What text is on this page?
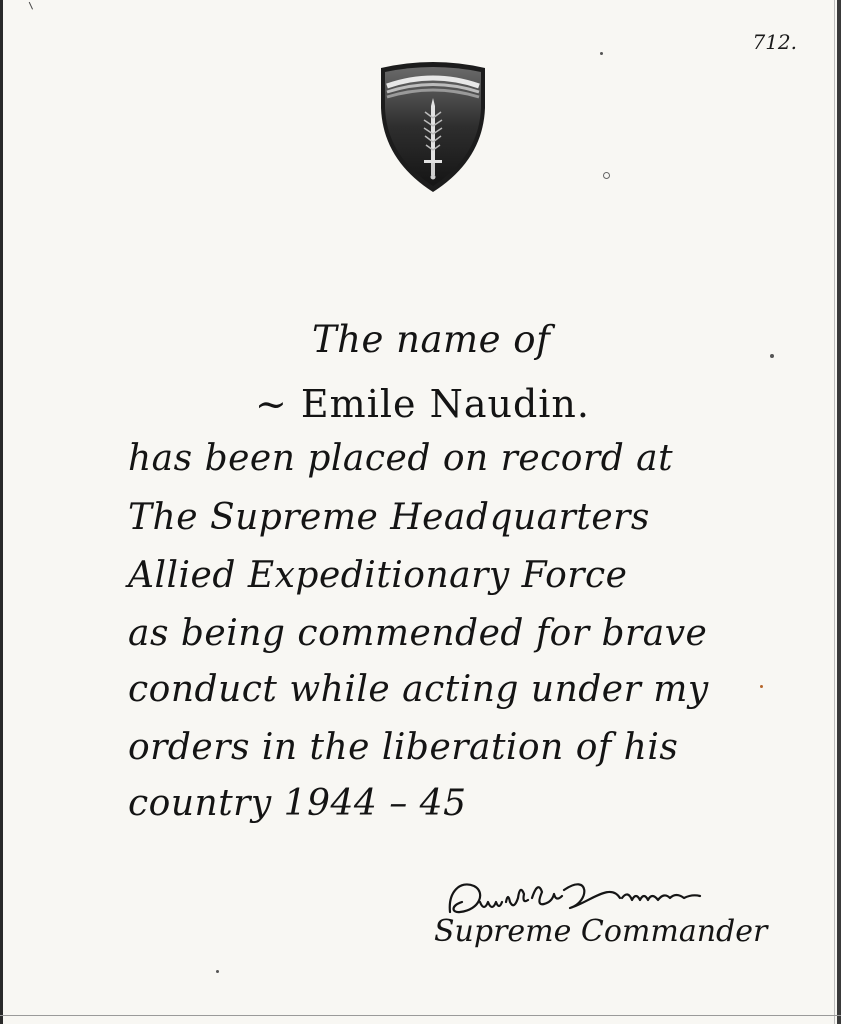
712.
The name of
~ Emile Naudin.
has been placed on record at
The Supreme Headquarters
Allied Expeditionary Force
as being commended for brave
conduct while acting under my
orders in the liberation of his
country 1944 – 45
Supreme Commander
